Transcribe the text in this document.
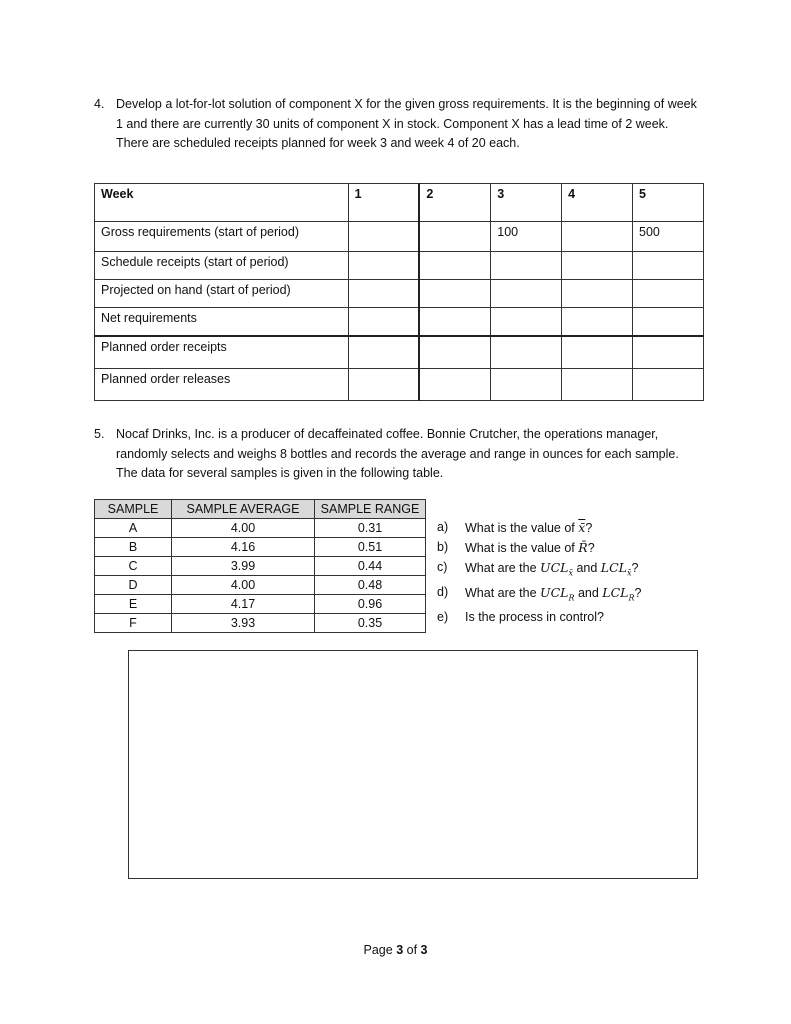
4. Develop a lot-for-lot solution of component X for the given gross requirements. It is the beginning of week 1 and there are currently 30 units of component X in stock. Component X has a lead time of 2 week. There are scheduled receipts planned for week 3 and week 4 of 20 each.
Week	1	2	3	4	5
Gross requirements (start of period)			100		500
Schedule receipts (start of period)					
Projected on hand (start of period)					
Net requirements					
Planned order receipts					
Planned order releases					
5. Nocaf Drinks, Inc. is a producer of decaffeinated coffee. Bonnie Crutcher, the operations manager, randomly selects and weighs 8 bottles and records the average and range in ounces for each sample. The data for several samples is given in the following table.
SAMPLE	SAMPLE AVERAGE	SAMPLE RANGE
A	4.00	0.31
B	4.16	0.51
C	3.99	0.44
D	4.00	0.48
E	4.17	0.96
F	3.93	0.35
a) What is the value of x̄?
b) What is the value of R̄?
c) What are the $UCL_{x̄}$ and $LCL_{x̄}$?
d) What are the $UCL_R$ and $LCL_R$?
e) Is the process in control?
Page 3 of 3
